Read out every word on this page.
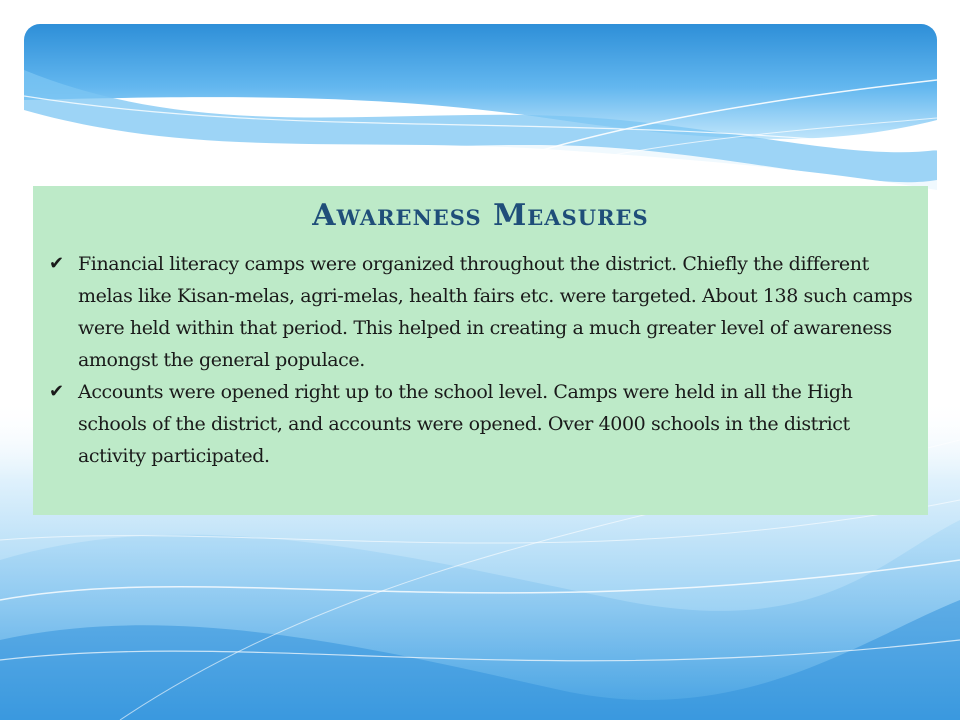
Awareness Measures
✔ Financial literacy camps were organized throughout the district. Chiefly the different melas like Kisan-melas, agri-melas, health fairs etc. were targeted. About 138 such camps were held within that period. This helped in creating a much greater level of awareness amongst the general populace.
✔ Accounts were opened right up to the school level. Camps were held in all the High schools of the district, and accounts were opened. Over 4000 schools in the district activity participated.
